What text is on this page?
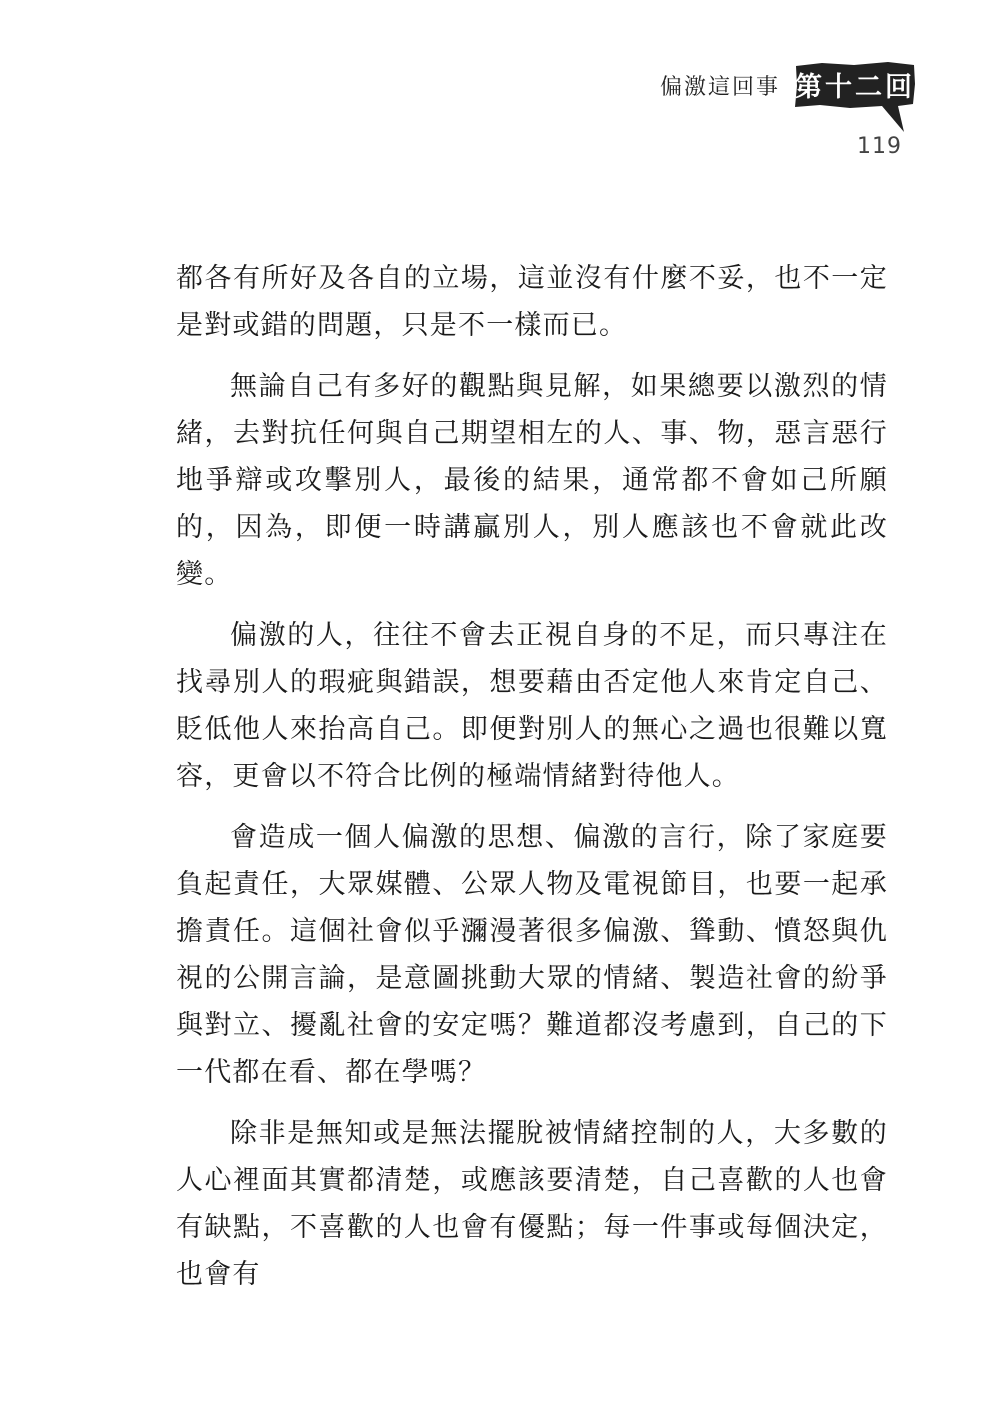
偏激這回事 第十二回
119

都各有所好及各自的立場，這並沒有什麼不妥，也不一定是對或錯的問題，只是不一樣而已。

無論自己有多好的觀點與見解，如果總要以激烈的情緒，去對抗任何與自己期望相左的人、事、物，惡言惡行地爭辯或攻擊別人，最後的結果，通常都不會如己所願的，因為，即便一時講贏別人，別人應該也不會就此改變。

偏激的人，往往不會去正視自身的不足，而只專注在找尋別人的瑕疵與錯誤，想要藉由否定他人來肯定自己、貶低他人來抬高自己。即便對別人的無心之過也很難以寬容，更會以不符合比例的極端情緒對待他人。

會造成一個人偏激的思想、偏激的言行，除了家庭要負起責任，大眾媒體、公眾人物及電視節目，也要一起承擔責任。這個社會似乎瀰漫著很多偏激、聳動、憤怒與仇視的公開言論，是意圖挑動大眾的情緒、製造社會的紛爭與對立、擾亂社會的安定嗎？難道都沒考慮到，自己的下一代都在看、都在學嗎？

除非是無知或是無法擺脫被情緒控制的人，大多數的人心裡面其實都清楚，或應該要清楚，自己喜歡的人也會有缺點，不喜歡的人也會有優點；每一件事或每個決定，也會有
